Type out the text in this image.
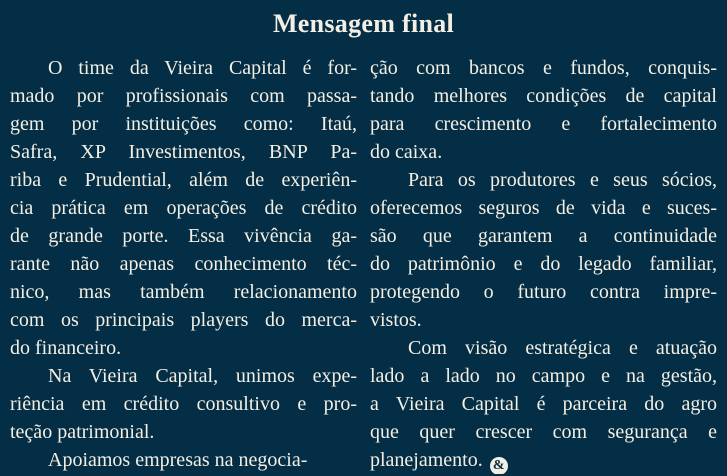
Mensagem final
O time da Vieira Capital é for-
mado por profissionais com passa-
gem por instituições como: Itaú,
Safra, XP Investimentos, BNP Pa-
riba e Prudential, além de experiên-
cia prática em operações de crédito
de grande porte. Essa vivência ga-
rante não apenas conhecimento téc-
nico, mas também relacionamento
com os principais players do merca-
do financeiro.
Na Vieira Capital, unimos expe-
riência em crédito consultivo e pro-
teção patrimonial.
Apoiamos empresas na negocia-
ção com bancos e fundos, conquis-
tando melhores condições de capital
para crescimento e fortalecimento
do caixa.
Para os produtores e seus sócios,
oferecemos seguros de vida e suces-
são que garantem a continuidade
do patrimônio e do legado familiar,
protegendo o futuro contra impre-
vistos.
Com visão estratégica e atuação
lado a lado no campo e na gestão,
a Vieira Capital é parceira do agro
que quer crescer com segurança e
planejamento. &
